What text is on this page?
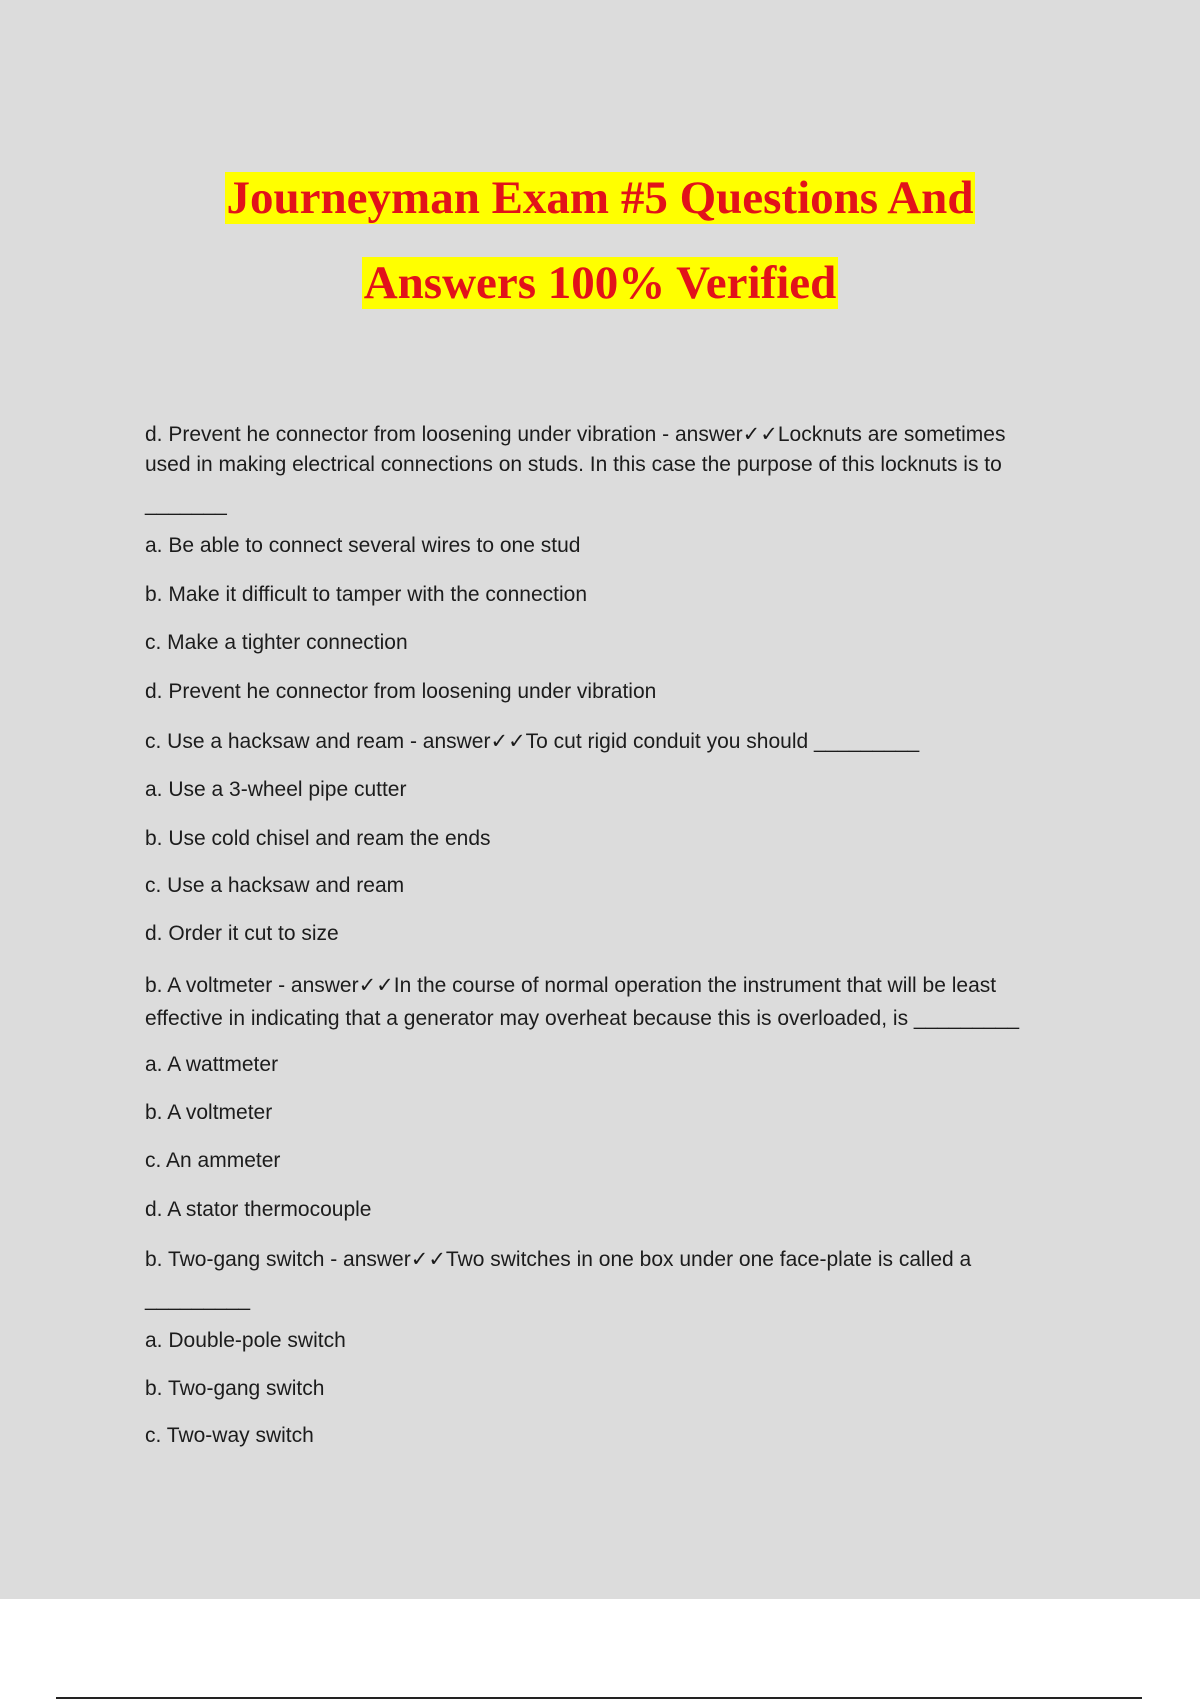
Journeyman Exam #5 Questions And
Answers 100% Verified
d. Prevent he connector from loosening under vibration - answer✓✓Locknuts are sometimes
used in making electrical connections on studs. In this case the purpose of this locknuts is to
_______
a. Be able to connect several wires to one stud
b. Make it difficult to tamper with the connection
c. Make a tighter connection
d. Prevent he connector from loosening under vibration
c. Use a hacksaw and ream - answer✓✓To cut rigid conduit you should _________
a. Use a 3-wheel pipe cutter
b. Use cold chisel and ream the ends
c. Use a hacksaw and ream
d. Order it cut to size
b. A voltmeter - answer✓✓In the course of normal operation the instrument that will be least
effective in indicating that a generator may overheat because this is overloaded, is _________
a. A wattmeter
b. A voltmeter
c. An ammeter
d. A stator thermocouple
b. Two-gang switch - answer✓✓Two switches in one box under one face-plate is called a
_________
a. Double-pole switch
b. Two-gang switch
c. Two-way switch
